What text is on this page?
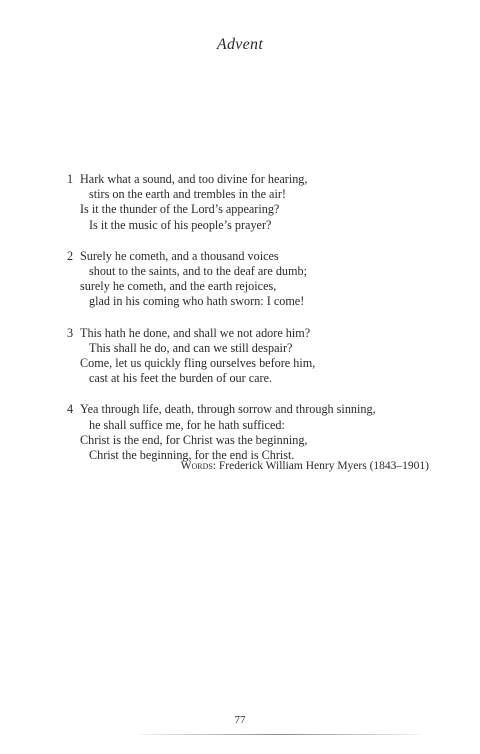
Advent
1 Hark what a sound, and too divine for hearing,
stirs on the earth and trembles in the air!
Is it the thunder of the Lord’s appearing?
Is it the music of his people’s prayer?
2 Surely he cometh, and a thousand voices
shout to the saints, and to the deaf are dumb;
surely he cometh, and the earth rejoices,
glad in his coming who hath sworn: I come!
3 This hath he done, and shall we not adore him?
This shall he do, and can we still despair?
Come, let us quickly fling ourselves before him,
cast at his feet the burden of our care.
4 Yea through life, death, through sorrow and through sinning,
he shall suffice me, for he hath sufficed:
Christ is the end, for Christ was the beginning,
Christ the beginning, for the end is Christ.
Words: Frederick William Henry Myers (1843–1901)
77
